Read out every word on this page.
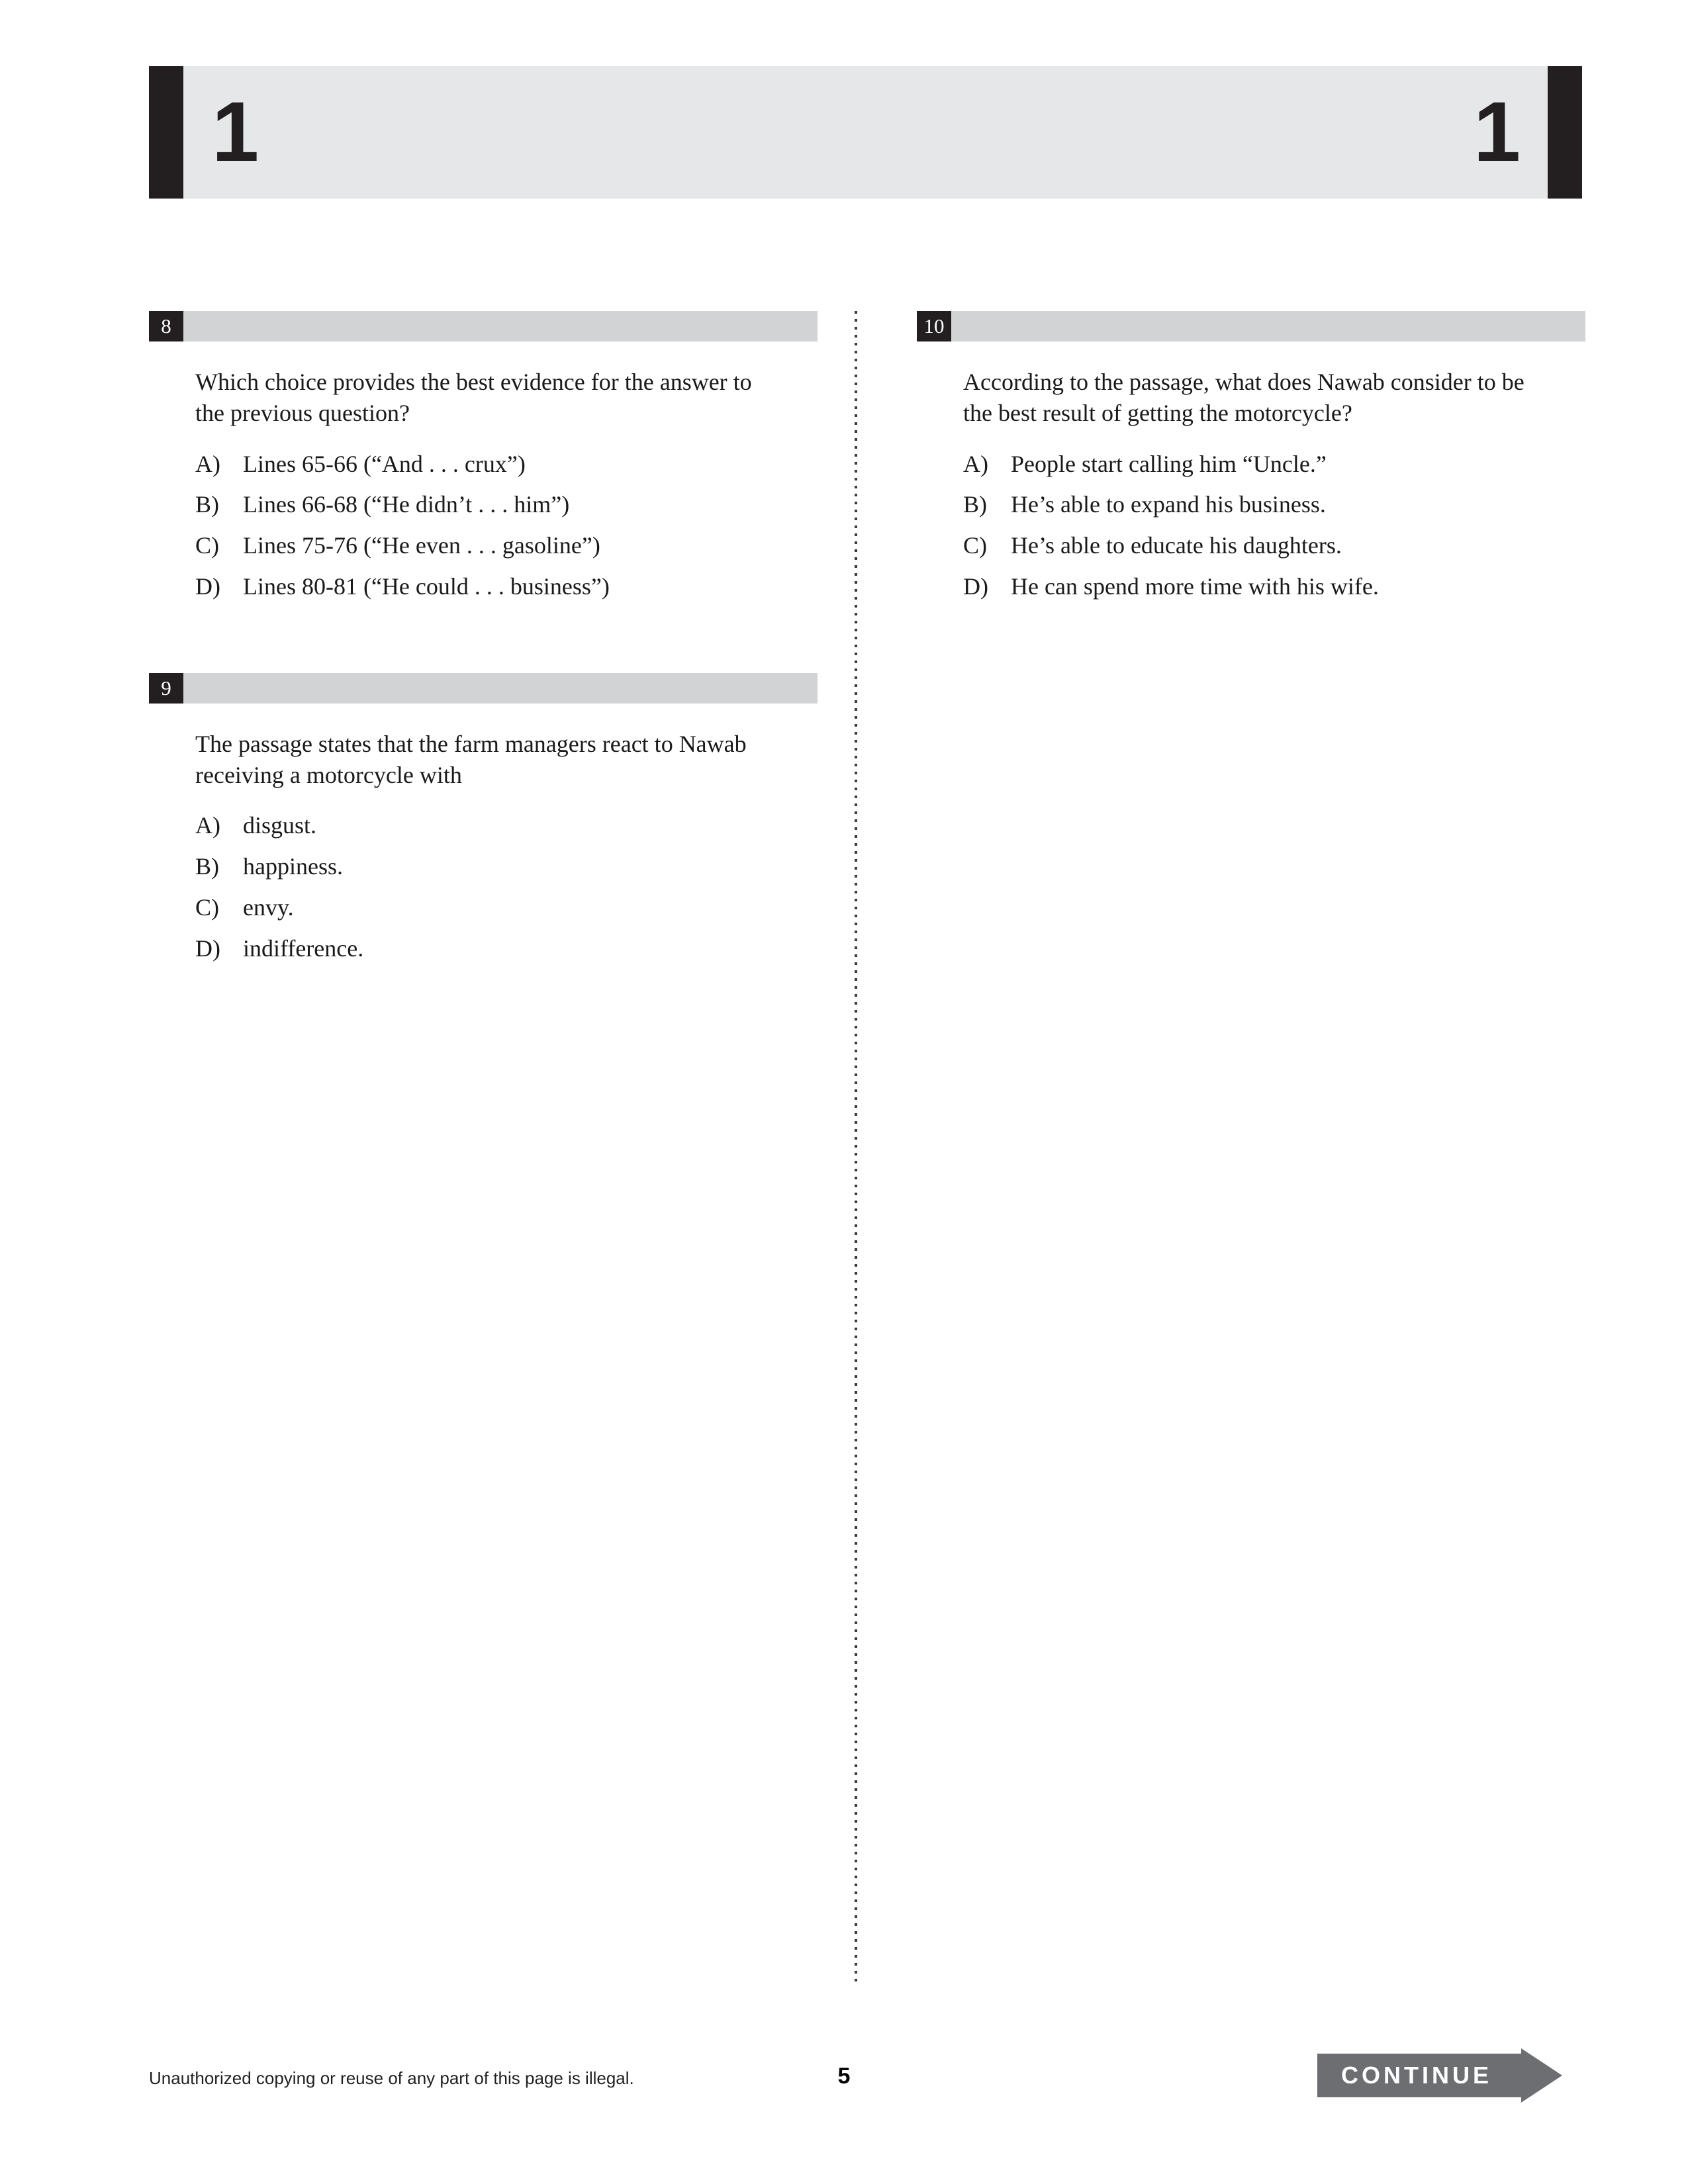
1	1
8
Which choice provides the best evidence for the answer to the previous question?
A) Lines 65-66 (“And . . . crux”)
B)	Lines 66-68 (“He didn’t . . . him”)
C)	Lines 75-76 (“He even . . . gasoline”)
D) Lines 80-81 (“He could . . . business”)
9
The passage states that the farm managers react to Nawab receiving a motorcycle with
A) disgust.
B)	happiness.
C)	envy.
D) indifference.
10
According to the passage, what does Nawab consider to be the best result of getting the motorcycle?
A) People start calling him “Uncle.”
B)	He’s able to expand his business.
C)	He’s able to educate his daughters.
D) He can spend more time with his wife.
Unauthorized copying or reuse of any part of this page is illegal.	5	CONTINUE
